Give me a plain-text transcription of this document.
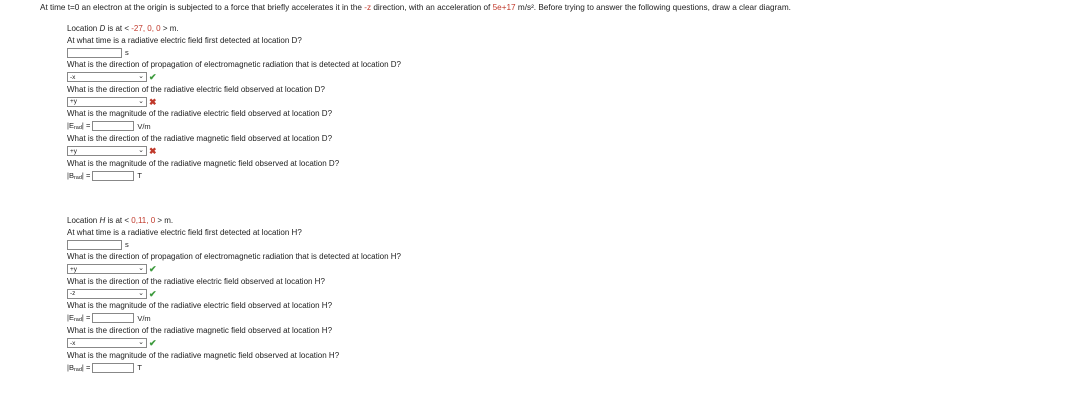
At time t=0 an electron at the origin is subjected to a force that briefly accelerates it in the -z direction, with an acceleration of 5e+17 m/s². Before trying to answer the following questions, draw a clear diagram.
Location D is at < -27, 0, 0 > m.
At what time is a radiative electric field first detected at location D?
s
What is the direction of propagation of electromagnetic radiation that is detected at location D?
-x	⌄ ✔
What is the direction of the radiative electric field observed at location D?
+y	⌄ ✖
What is the magnitude of the radiative electric field observed at location D?
|Erad| =	V/m
What is the direction of the radiative magnetic field observed at location D?
+y	⌄ ✖
What is the magnitude of the radiative magnetic field observed at location D?
|Brad| =	T
Location H is at < 0,11, 0 > m.
At what time is a radiative electric field first detected at location H?
s
What is the direction of propagation of electromagnetic radiation that is detected at location H?
+y	⌄ ✔
What is the direction of the radiative electric field observed at location H?
-z	⌄ ✔
What is the magnitude of the radiative electric field observed at location H?
|Erad| =	V/m
What is the direction of the radiative magnetic field observed at location H?
-x	⌄ ✔
What is the magnitude of the radiative magnetic field observed at location H?
|Brad| =	T
